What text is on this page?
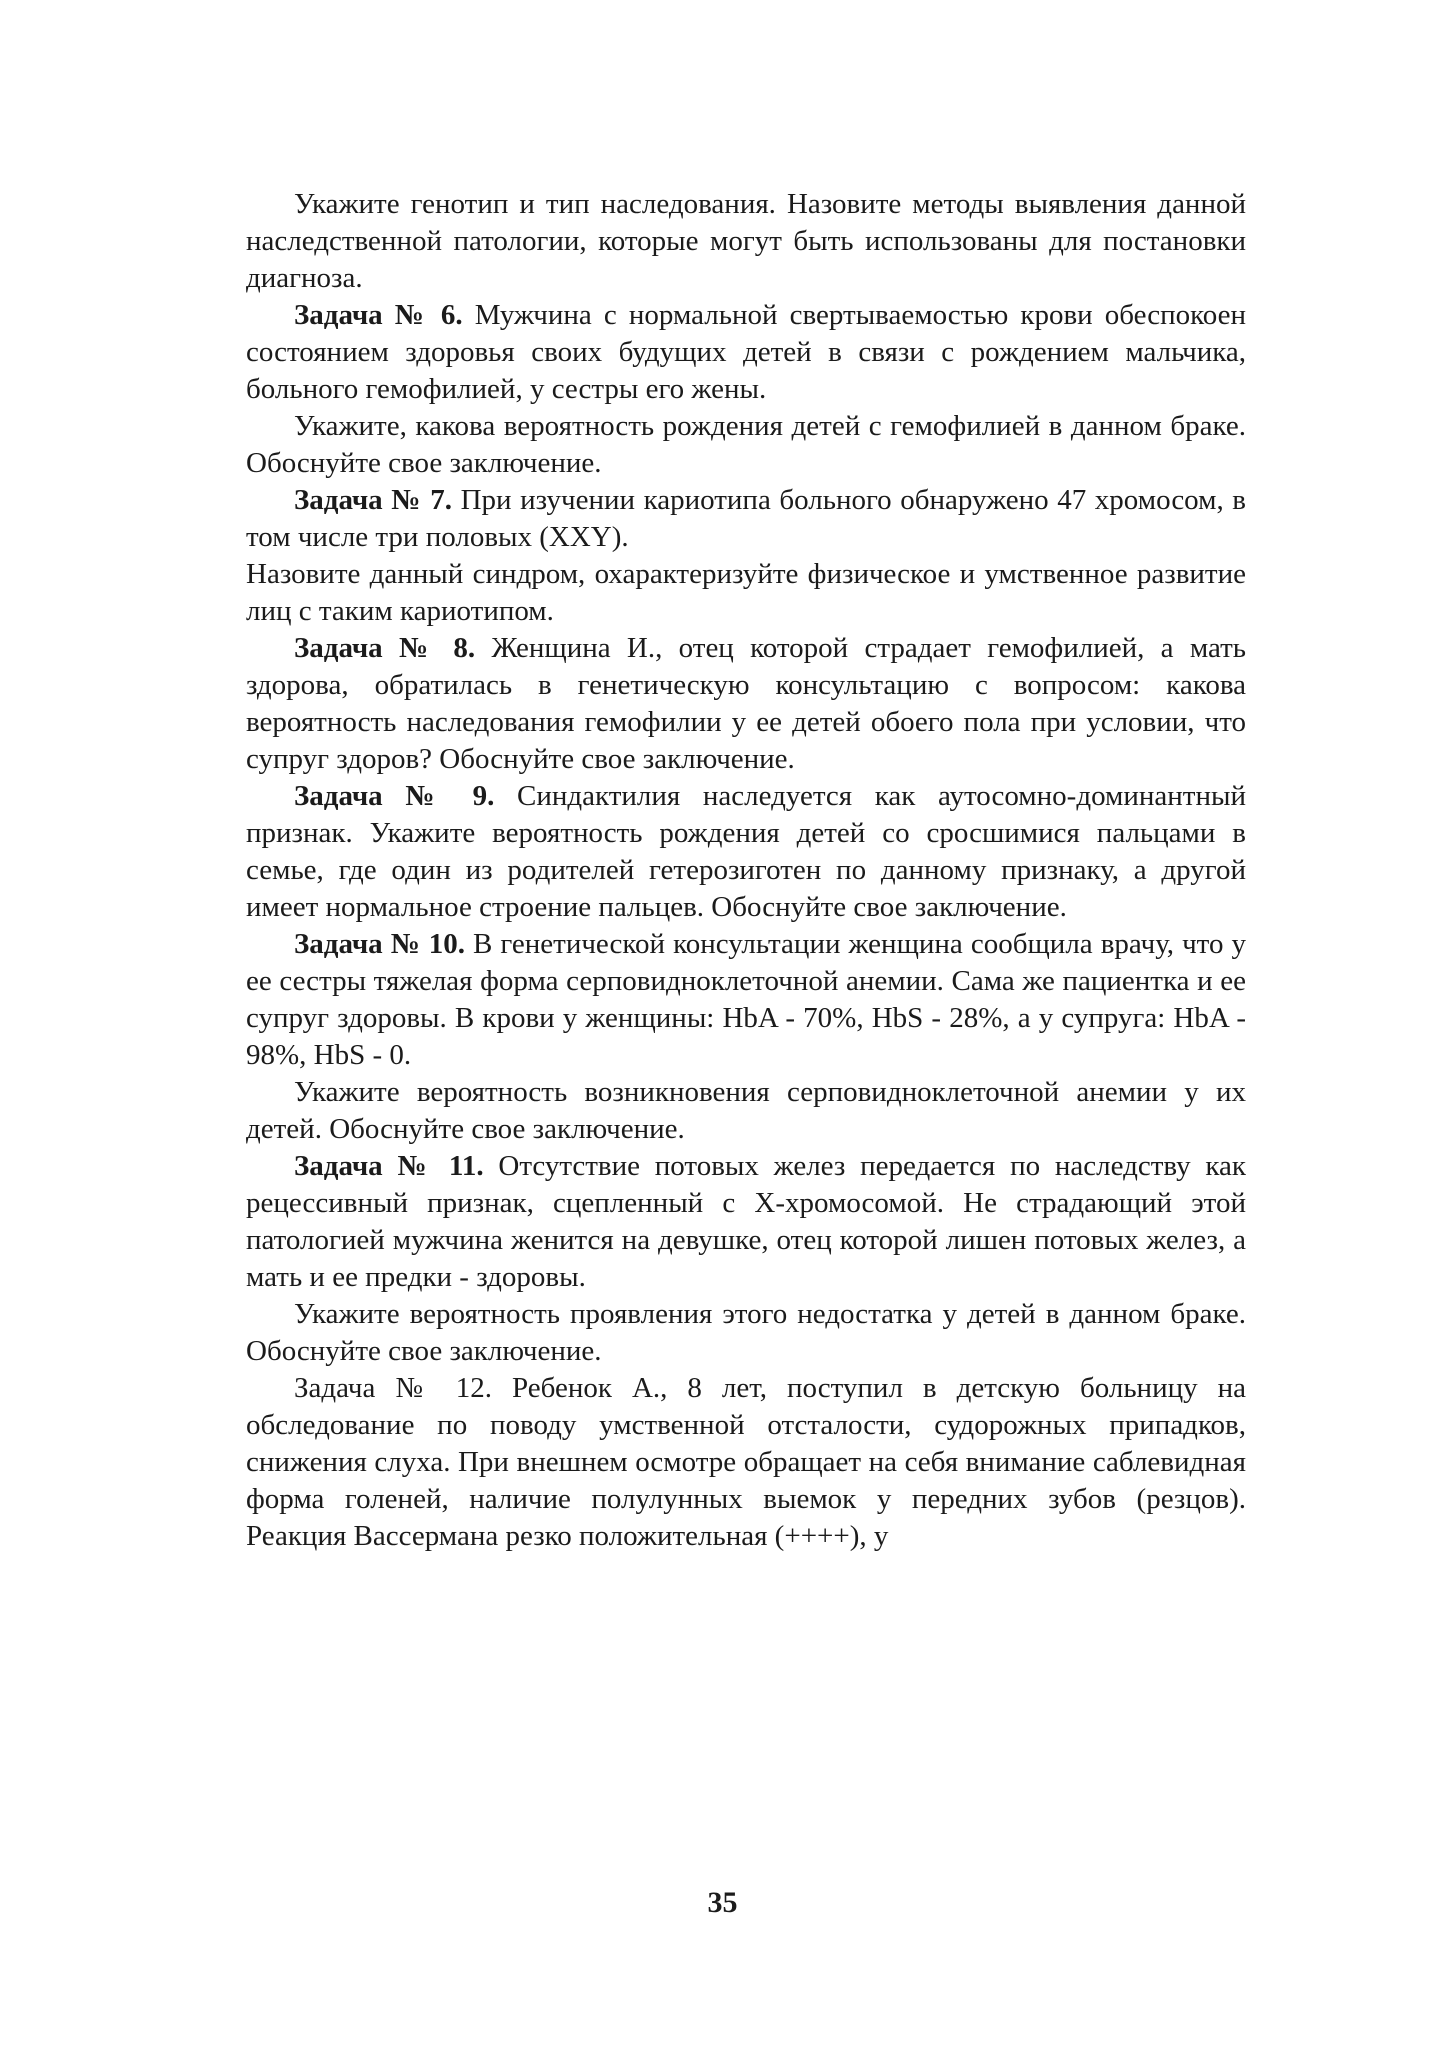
Укажите генотип и тип наследования. Назовите методы выявления данной наследственной патологии, которые могут быть использованы для постановки диагноза.

Задача № 6. Мужчина с нормальной свертываемостью крови обеспокоен состоянием здоровья своих будущих детей в связи с рождением мальчика, больного гемофилией, у сестры его жены.

Укажите, какова вероятность рождения детей с гемофилией в данном браке. Обоснуйте свое заключение.

Задача № 7. При изучении кариотипа больного обнаружено 47 хромосом, в том числе три половых (XXY).

Назовите данный синдром, охарактеризуйте физическое и умственное развитие лиц с таким кариотипом.

Задача № 8. Женщина И., отец которой страдает гемофилией, а мать здорова, обратилась в генетическую консультацию с вопросом: какова вероятность наследования гемофилии у ее детей обоего пола при условии, что супруг здоров? Обоснуйте свое заключение.

Задача № 9. Синдактилия наследуется как аутосомно-доминантный признак. Укажите вероятность рождения детей со сросшимися пальцами в семье, где один из родителей гетерозиготен по данному признаку, а другой имеет нормальное строение пальцев. Обоснуйте свое заключение.

Задача № 10. В генетической консультации женщина сообщила врачу, что у ее сестры тяжелая форма серповидноклеточной анемии. Сама же пациентка и ее супруг здоровы. В крови у женщины: HbA - 70%, HbS - 28%, а у супруга: HbA - 98%, HbS - 0.

Укажите вероятность возникновения серповидноклеточной анемии у их детей. Обоснуйте свое заключение.

Задача № 11. Отсутствие потовых желез передается по наследству как рецессивный признак, сцепленный с X-хромосомой. Не страдающий этой патологией мужчина женится на девушке, отец которой лишен потовых желез, а мать и ее предки - здоровы.

Укажите вероятность проявления этого недостатка у детей в данном браке. Обоснуйте свое заключение.

Задача № 12. Ребенок А., 8 лет, поступил в детскую больницу на обследование по поводу умственной отсталости, судорожных припадков, снижения слуха. При внешнем осмотре обращает на себя внимание саблевидная форма голеней, наличие полулунных выемок у передних зубов (резцов). Реакция Вассермана резко положительная (++++), у

35
